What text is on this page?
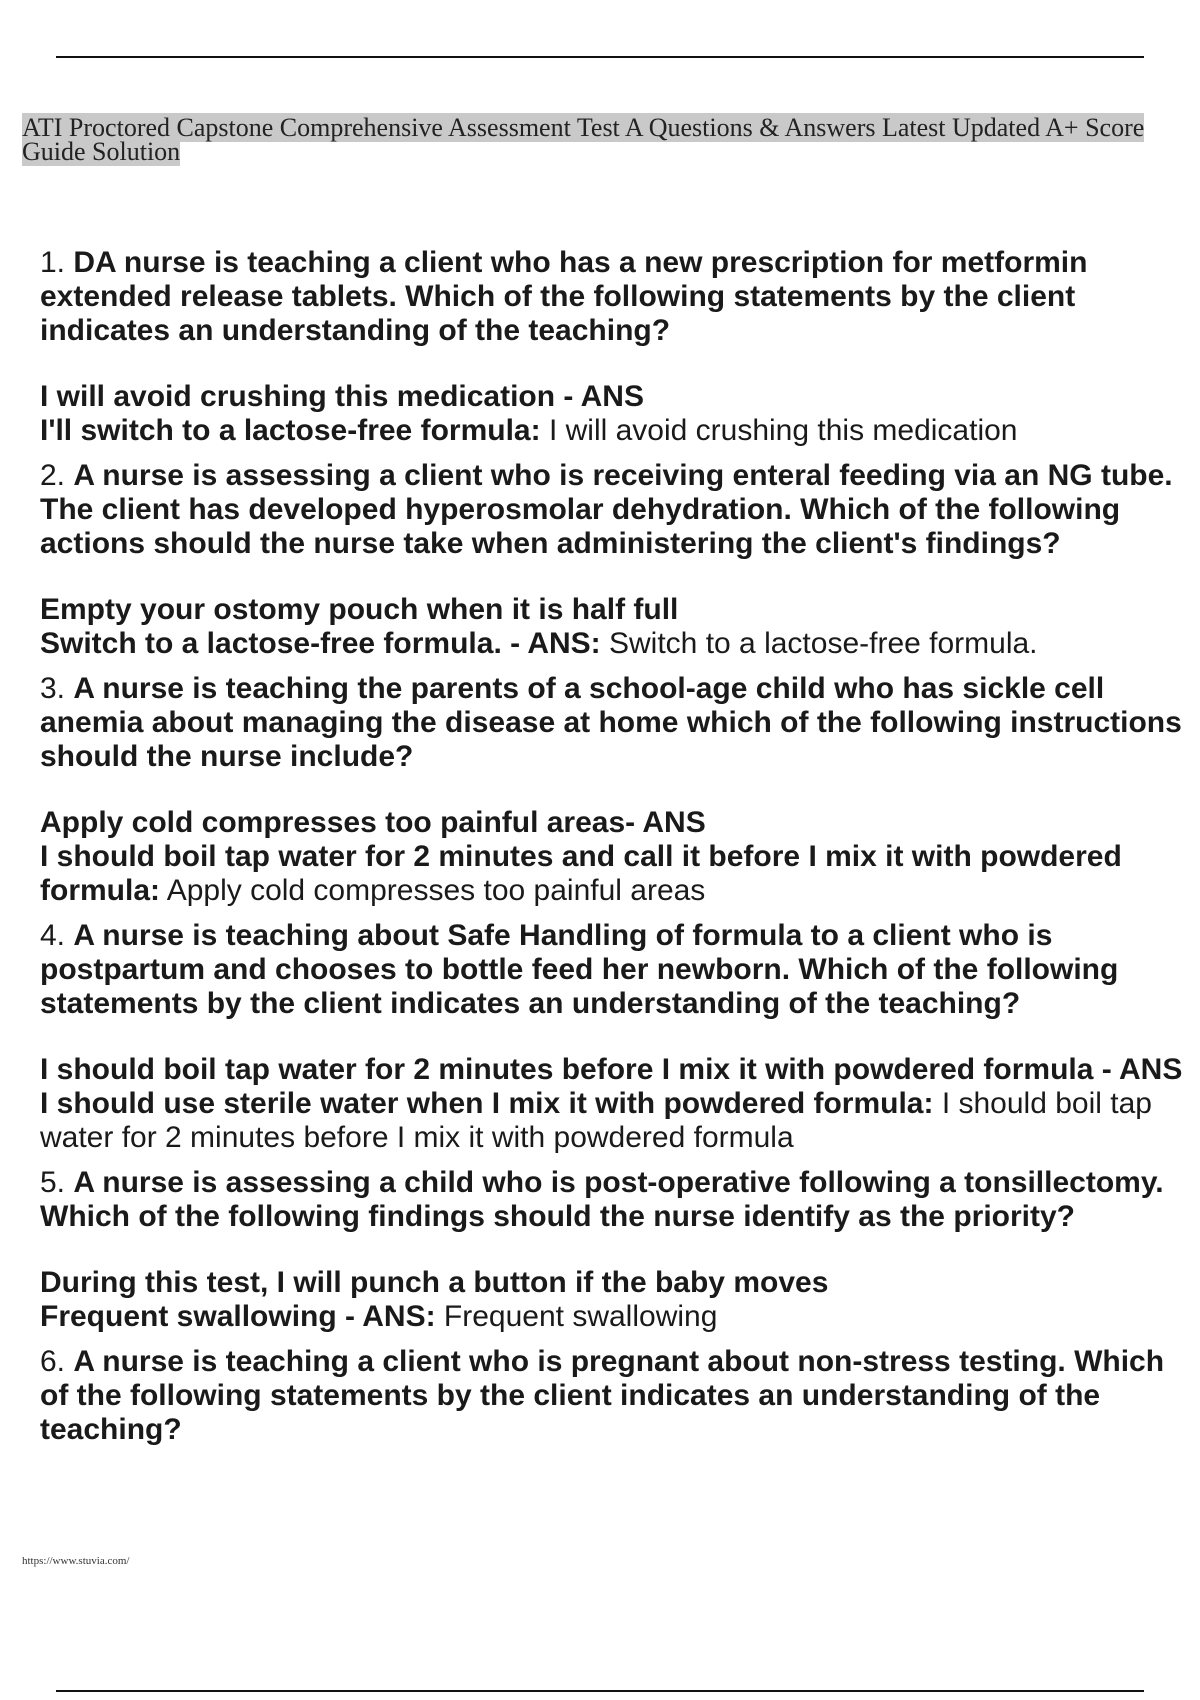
ATI Proctored Capstone Comprehensive Assessment Test A Questions & Answers Latest Updated A+ Score Guide Solution
1. DA nurse is teaching a client who has a new prescription for metformin extended release tablets. Which of the following statements by the client indicates an understanding of the teaching?
I will avoid crushing this medication - ANS
I'll switch to a lactose-free formula: I will avoid crushing this medication
2. A nurse is assessing a client who is receiving enteral feeding via an NG tube. The client has developed hyperosmolar dehydration. Which of the following actions should the nurse take when administering the client's findings?
Empty your ostomy pouch when it is half full
Switch to a lactose-free formula. - ANS: Switch to a lactose-free formula.
3. A nurse is teaching the parents of a school-age child who has sickle cell anemia about managing the disease at home which of the following instructions should the nurse include?
Apply cold compresses too painful areas- ANS
I should boil tap water for 2 minutes and call it before I mix it with powdered formula: Apply cold compresses too painful areas
4. A nurse is teaching about Safe Handling of formula to a client who is postpartum and chooses to bottle feed her newborn. Which of the following statements by the client indicates an understanding of the teaching?
I should boil tap water for 2 minutes before I mix it with powdered formula - ANS
I should use sterile water when I mix it with powdered formula: I should boil tap water for 2 minutes before I mix it with powdered formula
5. A nurse is assessing a child who is post-operative following a tonsillectomy. Which of the following findings should the nurse identify as the priority?
During this test, I will punch a button if the baby moves
Frequent swallowing - ANS: Frequent swallowing
6. A nurse is teaching a client who is pregnant about non-stress testing. Which of the following statements by the client indicates an understanding of the teaching?
https://www.stuvia.com/
